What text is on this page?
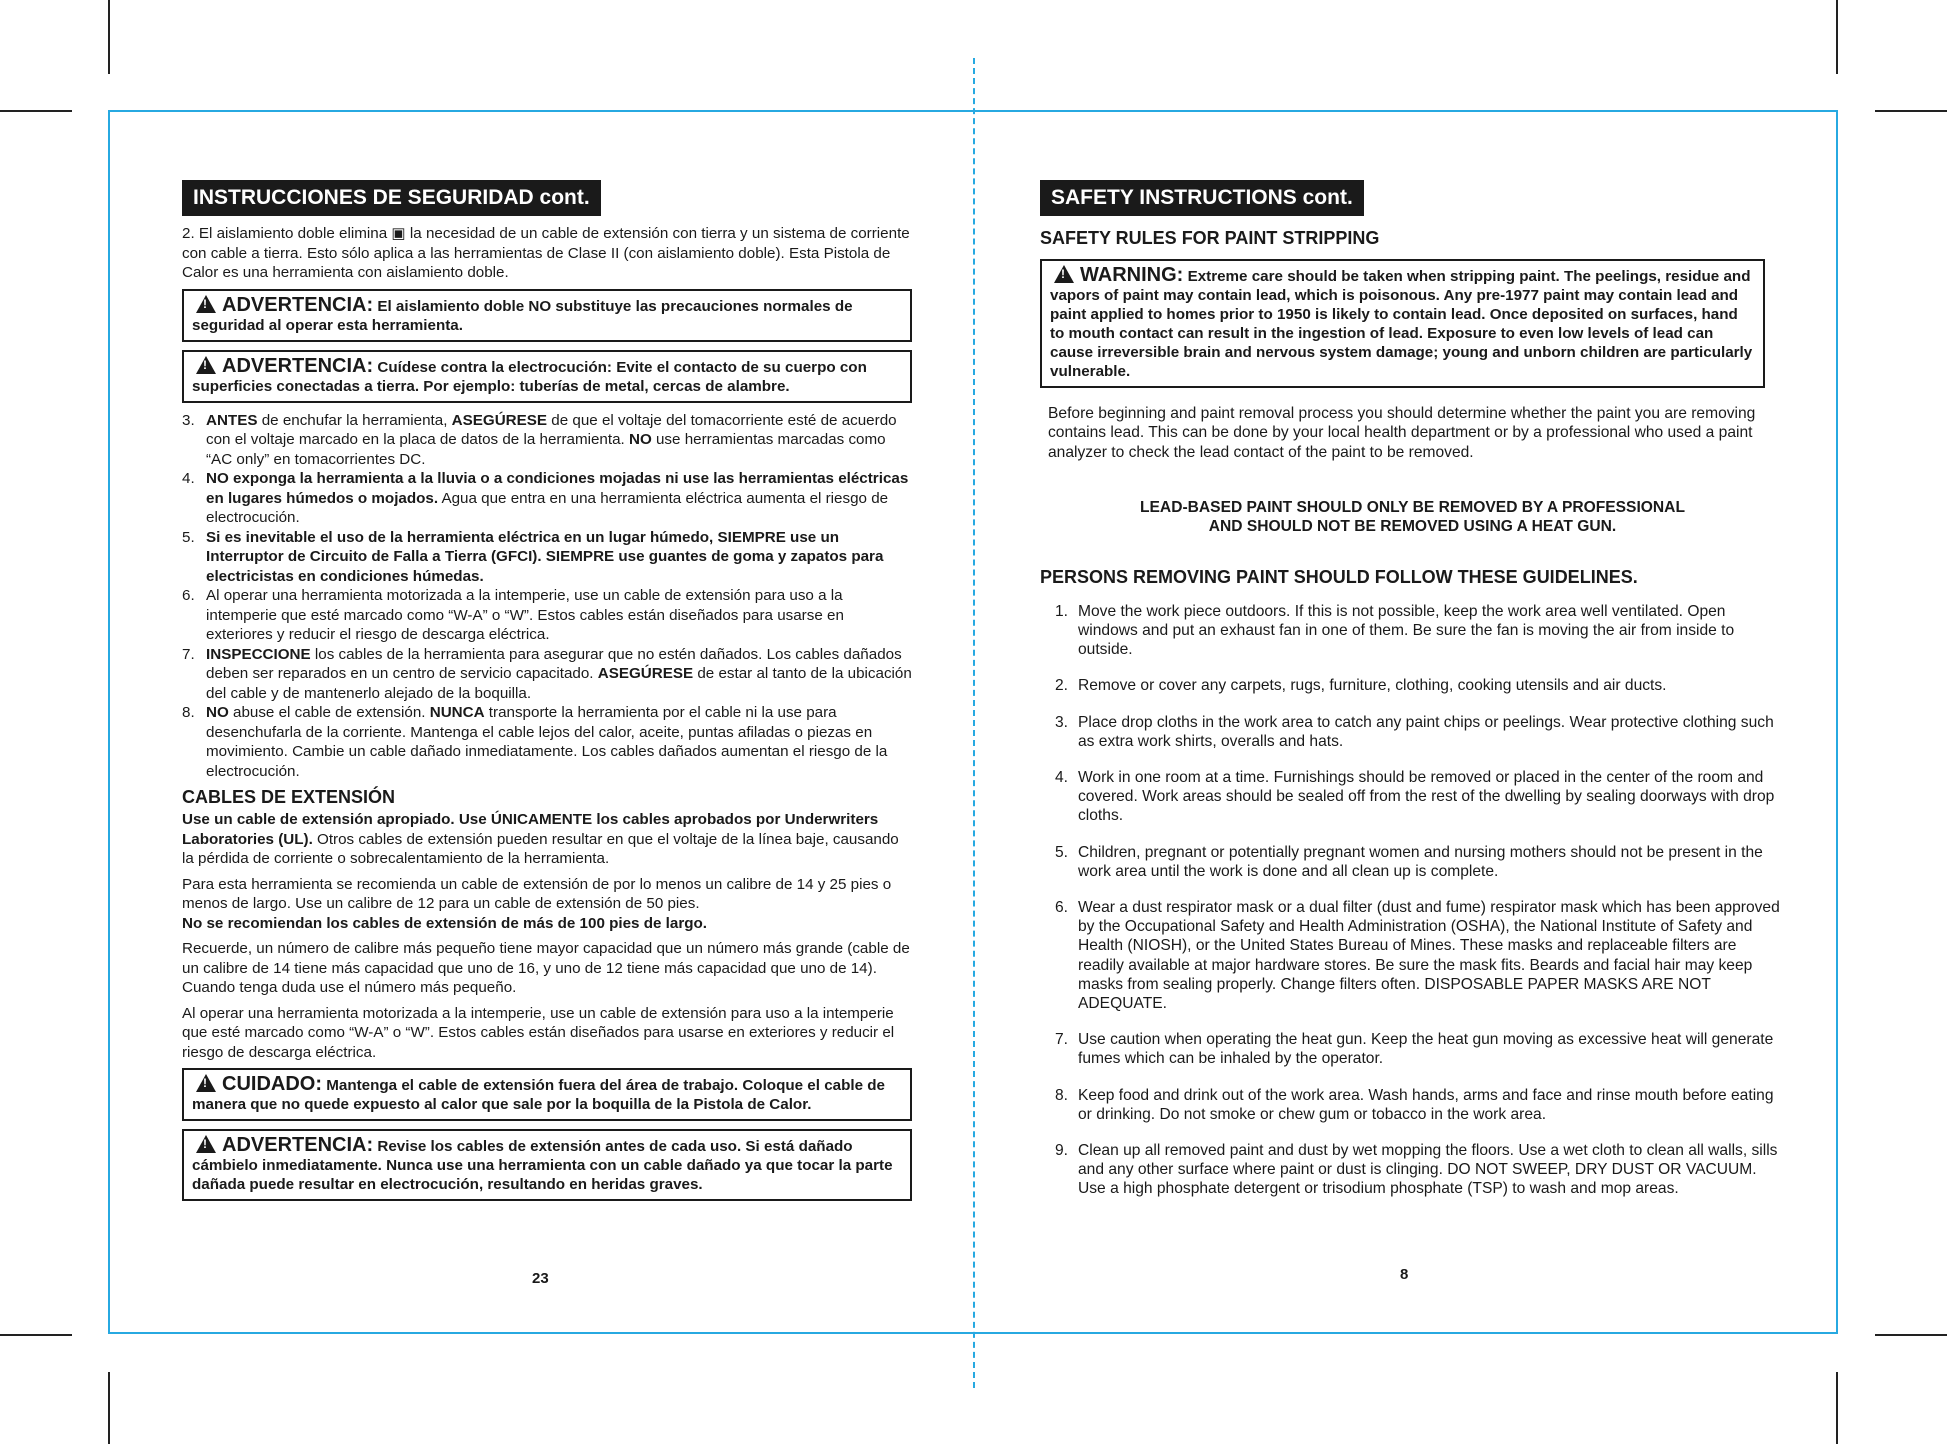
INSTRUCCIONES DE SEGURIDAD cont.

2. El aislamiento doble elimina ▣ la necesidad de un cable de extensión con tierra y un sistema de corriente con cable a tierra. Esto sólo aplica a las herramientas de Clase II (con aislamiento doble). Esta Pistola de Calor es una herramienta con aislamiento doble.

!ADVERTENCIA: El aislamiento doble NO substituye las precauciones normales de seguridad al operar esta herramienta.
!ADVERTENCIA: Cuídese contra la electrocución: Evite el contacto de su cuerpo con superficies conectadas a tierra. Por ejemplo: tuberías de metal, cercas de alambre.
3. ANTES de enchufar la herramienta, ASEGÚRESE de que el voltaje del tomacorriente esté de acuerdo con el voltaje marcado en la placa de datos de la herramienta. NO use herramientas marcadas como “AC only” en tomacorrientes DC.
4. NO exponga la herramienta a la lluvia o a condiciones mojadas ni use las herramientas eléctricas en lugares húmedos o mojados. Agua que entra en una herramienta eléctrica aumenta el riesgo de electrocución.
5. Si es inevitable el uso de la herramienta eléctrica en un lugar húmedo, SIEMPRE use un Interruptor de Circuito de Falla a Tierra (GFCI). SIEMPRE use guantes de goma y zapatos para electricistas en condiciones húmedas.
6. Al operar una herramienta motorizada a la intemperie, use un cable de extensión para uso a la intemperie que esté marcado como “W-A” o “W”. Estos cables están diseñados para usarse en exteriores y reducir el riesgo de descarga eléctrica.
7. INSPECCIONE los cables de la herramienta para asegurar que no estén dañados. Los cables dañados deben ser reparados en un centro de servicio capacitado. ASEGÚRESE de estar al tanto de la ubicación del cable y de mantenerlo alejado de la boquilla.
8. NO abuse el cable de extensión. NUNCA transporte la herramienta por el cable ni la use para desenchufarla de la corriente. Mantenga el cable lejos del calor, aceite, puntas afiladas o piezas en movimiento. Cambie un cable dañado inmediatamente. Los cables dañados aumentan el riesgo de la electrocución.
CABLES DE EXTENSIÓN

Use un cable de extensión apropiado. Use ÚNICAMENTE los cables aprobados por Underwriters Laboratories (UL). Otros cables de extensión pueden resultar en que el voltaje de la línea baje, causando la pérdida de corriente o sobrecalentamiento de la herramienta.

Para esta herramienta se recomienda un cable de extensión de por lo menos un calibre de 14 y 25 pies o menos de largo. Use un calibre de 12 para un cable de extensión de 50 pies.
No se recomiendan los cables de extensión de más de 100 pies de largo.

Recuerde, un número de calibre más pequeño tiene mayor capacidad que un número más grande (cable de un calibre de 14 tiene más capacidad que uno de 16, y uno de 12 tiene más capacidad que uno de 14). Cuando tenga duda use el número más pequeño.

Al operar una herramienta motorizada a la intemperie, use un cable de extensión para uso a la intemperie que esté marcado como “W-A” o “W”. Estos cables están diseñados para usarse en exteriores y reducir el riesgo de descarga eléctrica.

!CUIDADO: Mantenga el cable de extensión fuera del área de trabajo. Coloque el cable de manera que no quede expuesto al calor que sale por la boquilla de la Pistola de Calor.
!ADVERTENCIA: Revise los cables de extensión antes de cada uso. Si está dañado cámbielo inmediatamente. Nunca use una herramienta con un cable dañado ya que tocar la parte dañada puede resultar en electrocución, resultando en heridas graves.
23
SAFETY INSTRUCTIONS cont.
SAFETY RULES FOR PAINT STRIPPING
!WARNING: Extreme care should be taken when stripping paint. The peelings, residue and vapors of paint may contain lead, which is poisonous. Any pre-1977 paint may contain lead and paint applied to homes prior to 1950 is likely to contain lead. Once deposited on surfaces, hand to mouth contact can result in the ingestion of lead. Exposure to even low levels of lead can cause irreversible brain and nervous system damage; young and unborn children are particularly vulnerable.

Before beginning and paint removal process you should determine whether the paint you are removing contains lead. This can be done by your local health department or by a professional who used a paint analyzer to check the lead contact of the paint to be removed.

LEAD-BASED PAINT SHOULD ONLY BE REMOVED BY A PROFESSIONAL
AND SHOULD NOT BE REMOVED USING A HEAT GUN.
PERSONS REMOVING PAINT SHOULD FOLLOW THESE GUIDELINES.
1. Move the work piece outdoors. If this is not possible, keep the work area well ventilated. Open windows and put an exhaust fan in one of them. Be sure the fan is moving the air from inside to outside.
2. Remove or cover any carpets, rugs, furniture, clothing, cooking utensils and air ducts.
3. Place drop cloths in the work area to catch any paint chips or peelings. Wear protective clothing such as extra work shirts, overalls and hats.
4. Work in one room at a time. Furnishings should be removed or placed in the center of the room and covered. Work areas should be sealed off from the rest of the dwelling by sealing doorways with drop cloths.
5. Children, pregnant or potentially pregnant women and nursing mothers should not be present in the work area until the work is done and all clean up is complete.
6. Wear a dust respirator mask or a dual filter (dust and fume) respirator mask which has been approved by the Occupational Safety and Health Administration (OSHA), the National Institute of Safety and Health (NIOSH), or the United States Bureau of Mines. These masks and replaceable filters are readily available at major hardware stores. Be sure the mask fits. Beards and facial hair may keep masks from sealing properly. Change filters often. DISPOSABLE PAPER MASKS ARE NOT ADEQUATE.
7. Use caution when operating the heat gun. Keep the heat gun moving as excessive heat will generate fumes which can be inhaled by the operator.
8. Keep food and drink out of the work area. Wash hands, arms and face and rinse mouth before eating or drinking. Do not smoke or chew gum or tobacco in the work area.
9. Clean up all removed paint and dust by wet mopping the floors. Use a wet cloth to clean all walls, sills and any other surface where paint or dust is clinging. DO NOT SWEEP, DRY DUST OR VACUUM. Use a high phosphate detergent or trisodium phosphate (TSP) to wash and mop areas.
8
